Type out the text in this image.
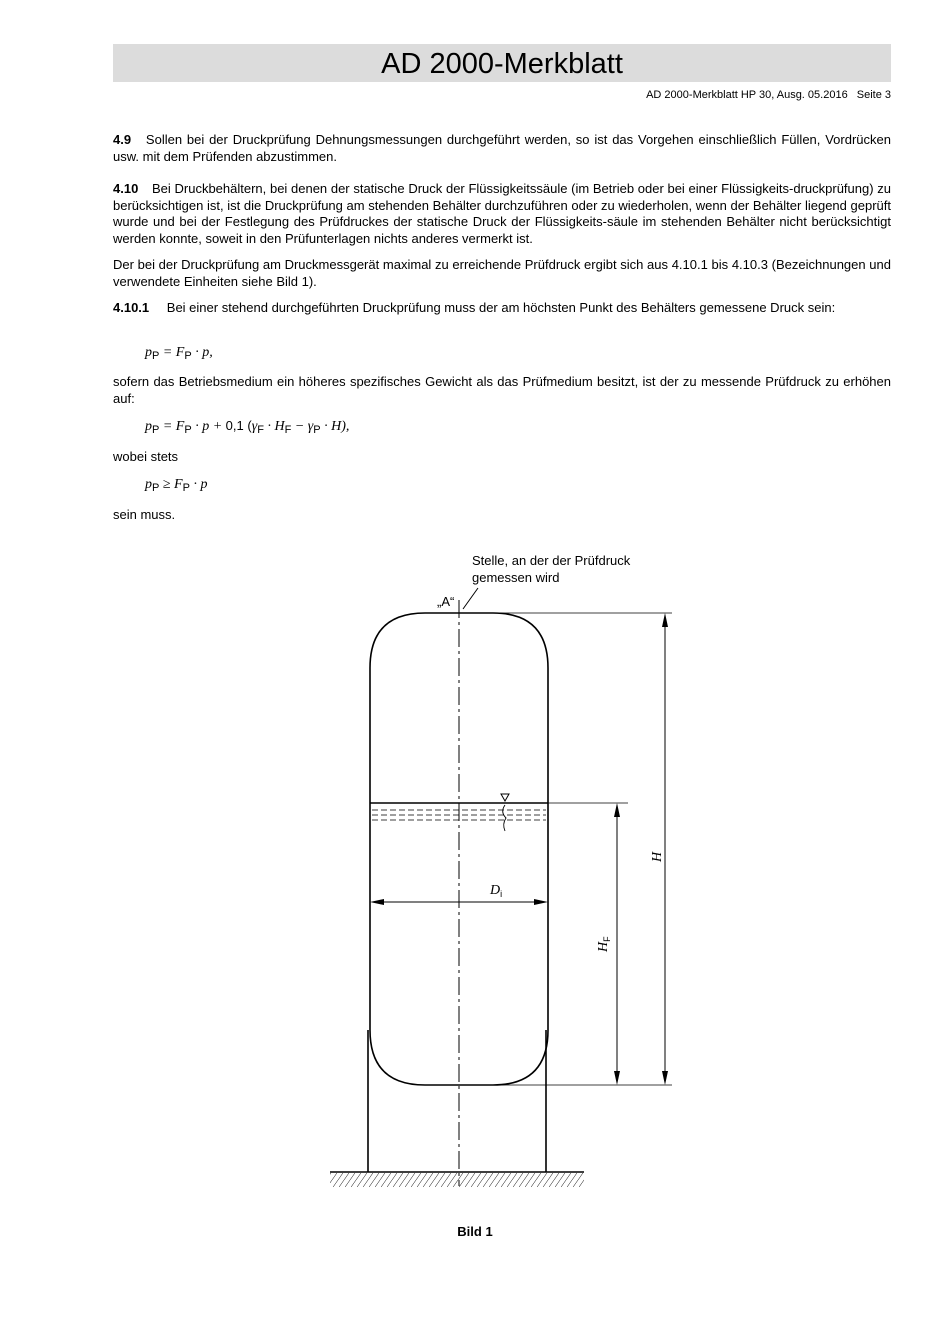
AD 2000-Merkblatt
AD 2000-Merkblatt HP 30, Ausg. 05.2016 Seite 3
4.9 Sollen bei der Druckprüfung Dehnungsmessungen durchgeführt werden, so ist das Vorgehen einschließlich Füllen, Vordrücken usw. mit dem Prüfenden abzustimmen.
4.10 Bei Druckbehältern, bei denen der statische Druck der Flüssigkeitssäule (im Betrieb oder bei einer Flüssigkeits-druckprüfung) zu berücksichtigen ist, ist die Druckprüfung am stehenden Behälter durchzuführen oder zu wiederholen, wenn der Behälter liegend geprüft wurde und bei der Festlegung des Prüfdruckes der statische Druck der Flüssigkeits-säule im stehenden Behälter nicht berücksichtigt werden konnte, soweit in den Prüfunterlagen nichts anderes vermerkt ist.
Der bei der Druckprüfung am Druckmessgerät maximal zu erreichende Prüfdruck ergibt sich aus 4.10.1 bis 4.10.3 (Bezeichnungen und verwendete Einheiten siehe Bild 1).
4.10.1 Bei einer stehend durchgeführten Druckprüfung muss der am höchsten Punkt des Behälters gemessene Druck sein:
$p_P = F_P \cdot p$,
sofern das Betriebsmedium ein höheres spezifisches Gewicht als das Prüfmedium besitzt, ist der zu messende Prüfdruck zu erhöhen auf:
$p_P = F_P \cdot p + 0,1$ $(\gamma_F \cdot H_F - \gamma_P \cdot H)$,
wobei stets
$p_P \ge F_P \cdot p$
sein muss.
Stelle, an der der Prüfdruck
gemessen wird
„A“
$D_i$
H
$H_F$
Bild 1
